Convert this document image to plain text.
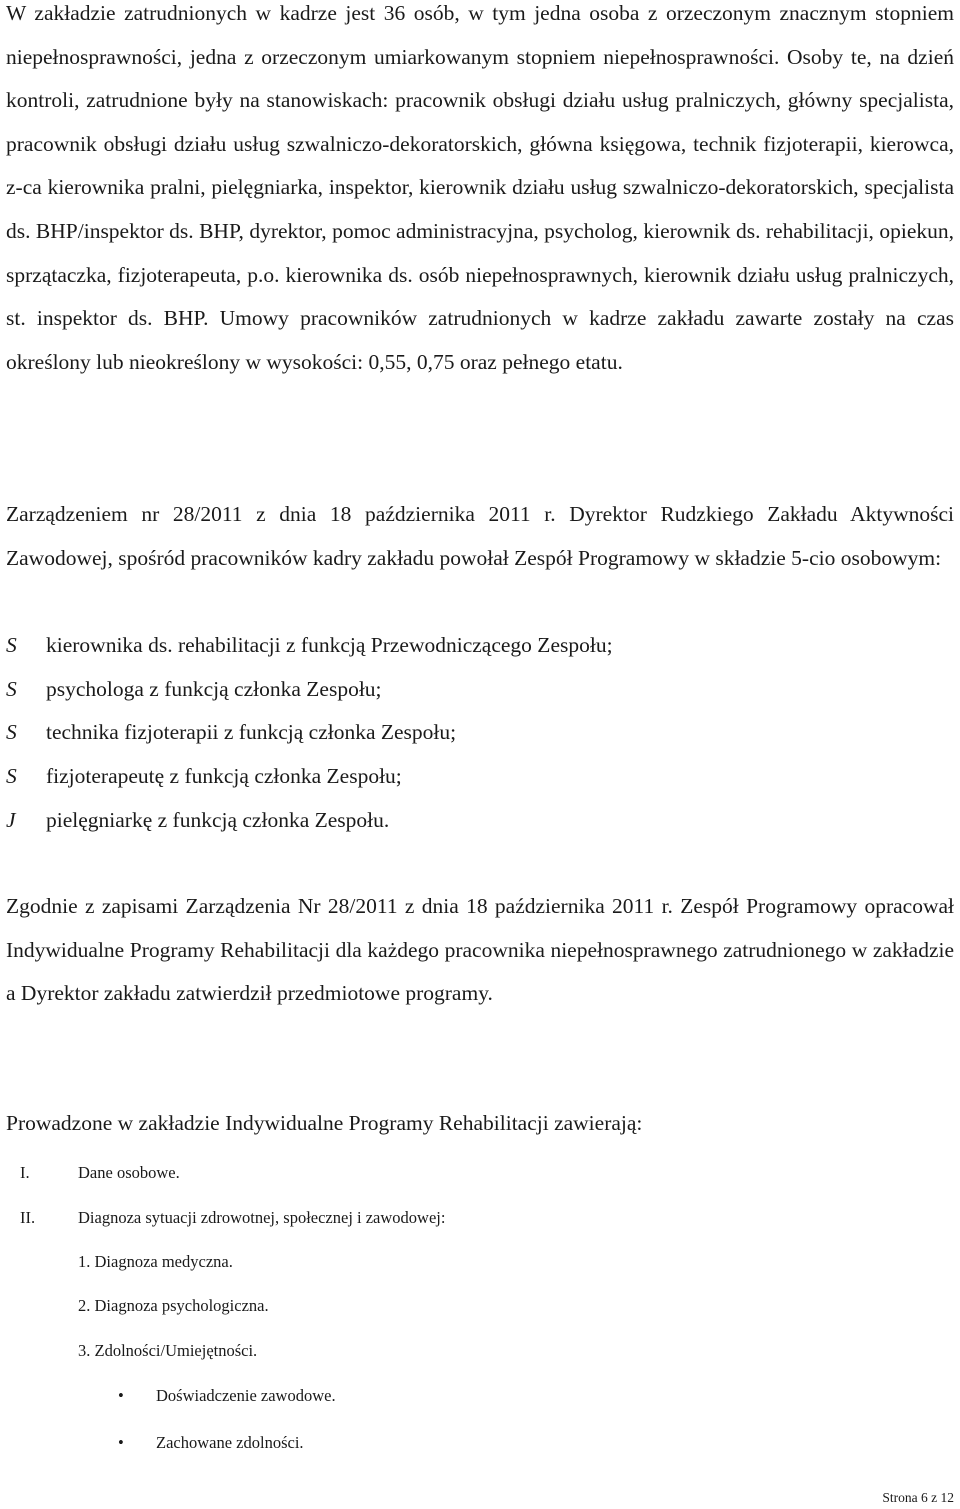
W zakładzie zatrudnionych w kadrze jest 36 osób, w tym jedna osoba z orzeczonym znacznym stopniem niepełnosprawności, jedna z orzeczonym umiarkowanym stopniem niepełnosprawności. Osoby te, na dzień kontroli, zatrudnione były na stanowiskach: pracownik obsługi działu usług pralniczych, główny specjalista, pracownik obsługi działu usług szwalniczo-dekoratorskich, główna księgowa, technik fizjoterapii, kierowca, z-ca kierownika pralni, pielęgniarka, inspektor, kierownik działu usług szwalniczo-dekoratorskich, specjalista ds. BHP/inspektor ds. BHP, dyrektor, pomoc administracyjna, psycholog, kierownik ds. rehabilitacji, opiekun, sprzątaczka, fizjoterapeuta, p.o. kierownika ds. osób niepełnosprawnych, kierownik działu usług pralniczych, st. inspektor ds. BHP. Umowy pracowników zatrudnionych w kadrze zakładu zawarte zostały na czas określony lub nieokreślony w wysokości: 0,55, 0,75 oraz pełnego etatu.

Zarządzeniem nr 28/2011 z dnia 18 października 2011 r. Dyrektor Rudzkiego Zakładu Aktywności Zawodowej, spośród pracowników kadry zakładu powołał Zespół Programowy w składzie 5-cio osobowym:

S kierownika ds. rehabilitacji z funkcją Przewodniczącego Zespołu;
S psychologa z funkcją członka Zespołu;
S technika fizjoterapii z funkcją członka Zespołu;
S fizjoterapeutę z funkcją członka Zespołu;
J pielęgniarkę z funkcją członka Zespołu.

Zgodnie z zapisami Zarządzenia Nr 28/2011 z dnia 18 października 2011 r. Zespół Programowy opracował Indywidualne Programy Rehabilitacji dla każdego pracownika niepełnosprawnego zatrudnionego w zakładzie a Dyrektor zakładu zatwierdził przedmiotowe programy.

Prowadzone w zakładzie Indywidualne Programy Rehabilitacji zawierają:

I.	Dane osobowe.
II.	Diagnoza sytuacji zdrowotnej, społecznej i zawodowej:
1. Diagnoza medyczna.
2. Diagnoza psychologiczna.
3. Zdolności/Umiejętności.
• Doświadczenie zawodowe.
• Zachowane zdolności.
Strona 6 z 12
